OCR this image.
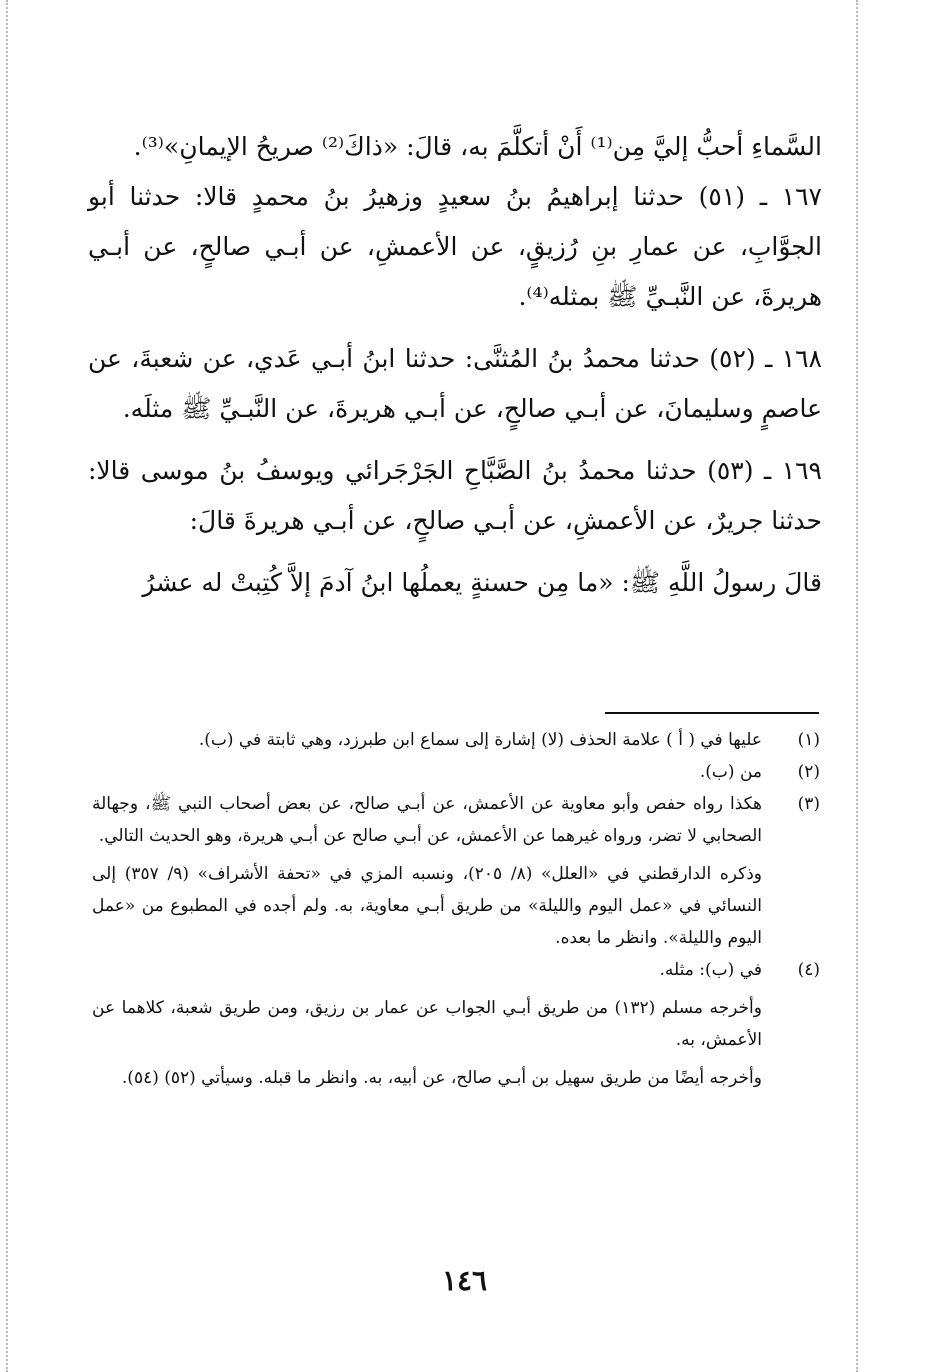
السَّماءِ أحبُّ إليَّ مِن⁽¹⁾ أَنْ أتكلَّمَ به، قالَ: «ذاكَ⁽²⁾ صريحُ الإيمانِ»⁽³⁾.

١٦٧ ـ (٥١) حدثنا إبراهيمُ بنُ سعيدٍ وزهيرُ بنُ محمدٍ قالا: حدثنا أبو الجوَّابِ، عن عمارِ بنِ رُزيقٍ، عن الأعمشِ، عن أبـي صالحٍ، عن أبـي هريرةَ، عن النَّبـيِّ ﷺ بمثله⁽⁴⁾.

١٦٨ ـ (٥٢) حدثنا محمدُ بنُ المُثنَّى: حدثنا ابنُ أبـي عَدي، عن شعبةَ، عن عاصمٍ وسليمانَ، عن أبـي صالحٍ، عن أبـي هريرةَ، عن النَّبـيِّ ﷺ مثلَه.

١٦٩ ـ (٥٣) حدثنا محمدُ بنُ الصَّبَّاحِ الجَرْجَرائي ويوسفُ بنُ موسى قالا: حدثنا جريرٌ، عن الأعمشِ، عن أبـي صالحٍ، عن أبـي هريرةَ قالَ:

قالَ رسولُ اللَّهِ ﷺ: «ما مِن حسنةٍ يعملُها ابنُ آدمَ إلاَّ كُتِبتْ له عشرُ

(١)

عليها في ( أ ) علامة الحذف (لا) إشارة إلى سماع ابن طبرزد، وهي ثابتة في (ب).

(٢)

من (ب).

(٣)

هكذا رواه حفص وأبو معاوية عن الأعمش، عن أبـي صالح، عن بعض أصحاب النبي ﷺ، وجهالة الصحابي لا تضر، ورواه غيرهما عن الأعمش، عن أبـي صالح عن أبـي هريرة، وهو الحديث التالي.

وذكره الدارقطني في «العلل» (٨/ ٢٠٥)، ونسبه المزي في «تحفة الأشراف» (٩/ ٣٥٧) إلى النسائي في «عمل اليوم والليلة» من طريق أبـي معاوية، به. ولم أجده في المطبوع من «عمل اليوم والليلة». وانظر ما بعده.

(٤)

في (ب): مثله.

وأخرجه مسلم (١٣٢) من طريق أبـي الجواب عن عمار بن رزيق، ومن طريق شعبة، كلاهما عن الأعمش، به.

وأخرجه أيضًا من طريق سهيل بن أبـي صالح، عن أبيه، به. وانظر ما قبله. وسيأتي (٥٢) (٥٤).

١٤٦
